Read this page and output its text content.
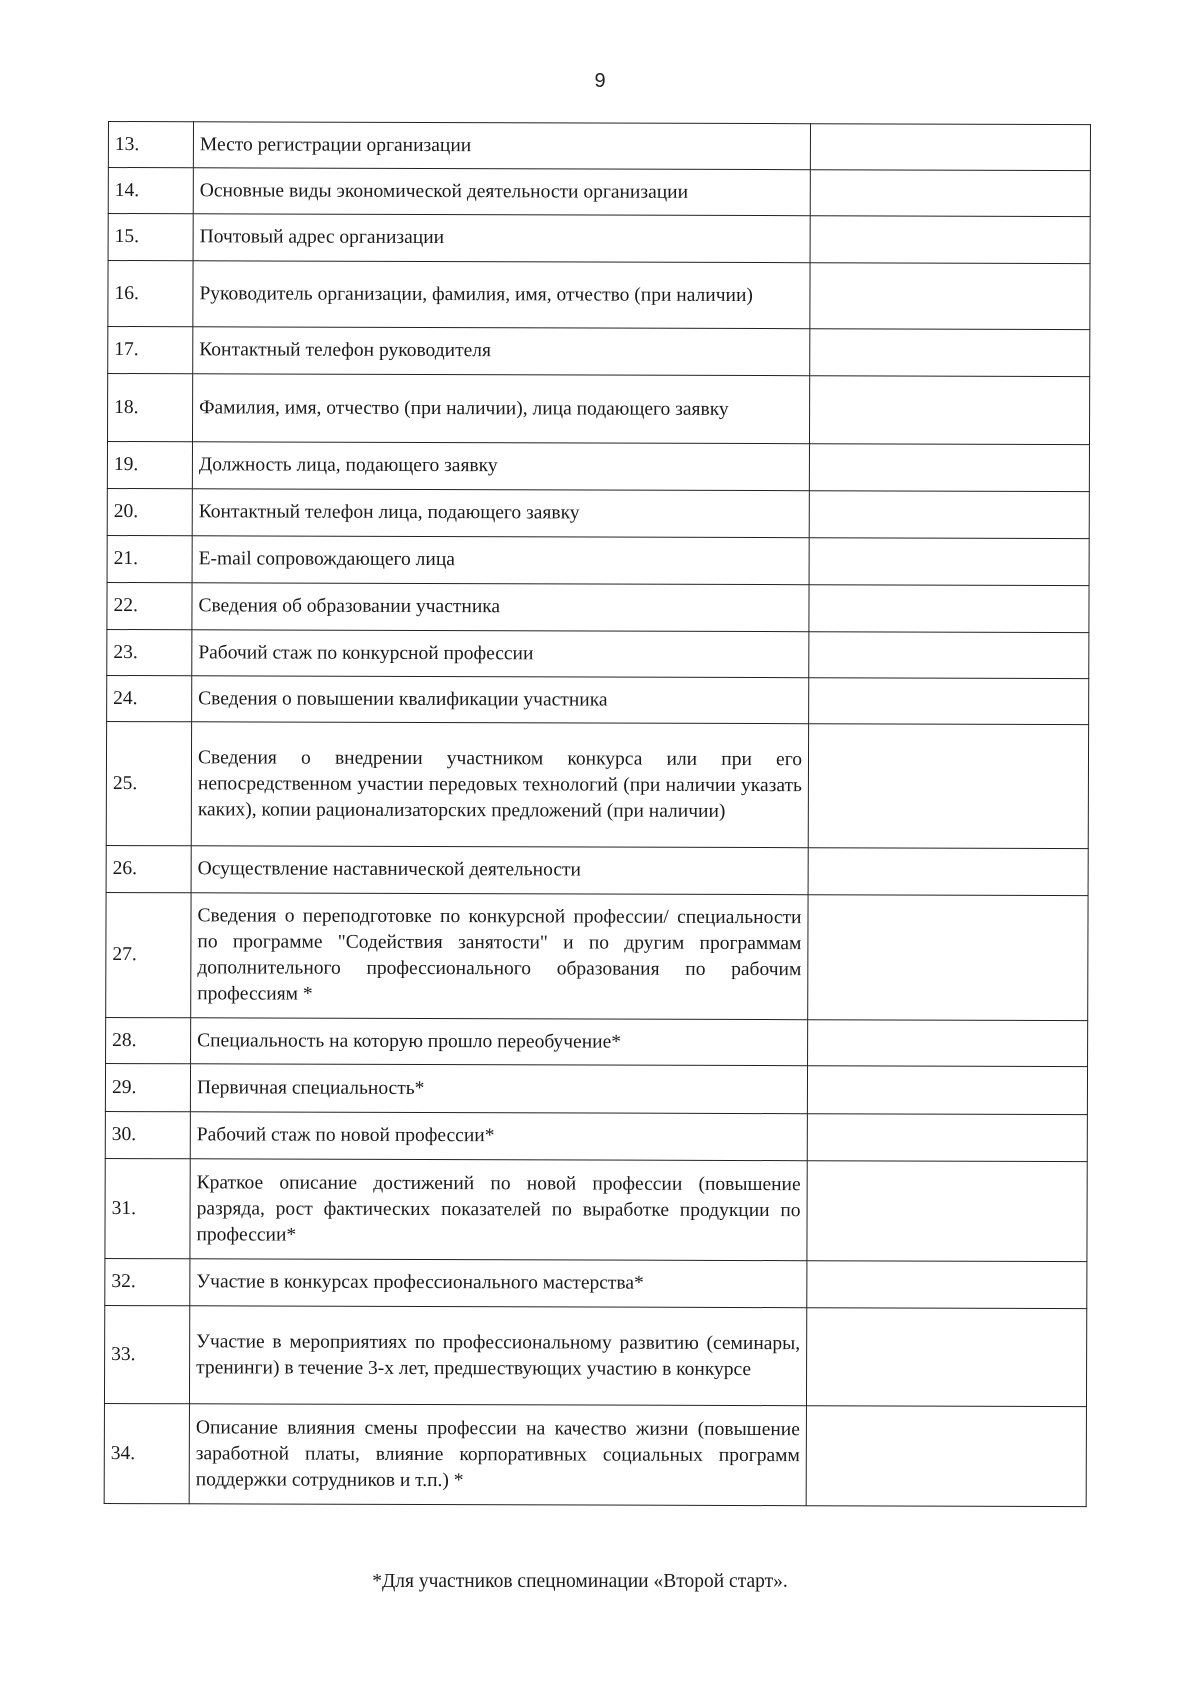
9
13.	Место регистрации организации	
14.	Основные виды экономической деятельности организации	
15.	Почтовый адрес организации	
16.	Руководитель организации, фамилия, имя, отчество (при наличии)	
17.	Контактный телефон руководителя	
18.	Фамилия, имя, отчество (при наличии), лица подающего заявку	
19.	Должность лица, подающего заявку	
20.	Контактный телефон лица, подающего заявку	
21.	E-mail сопровождающего лица	
22.	Сведения об образовании участника	
23.	Рабочий стаж по конкурсной профессии	
24.	Сведения о повышении квалификации участника	
25.	Сведения о внедрении участником конкурса или при его непосредственном участии передовых технологий (при наличии указать каких), копии рационализаторских предложений (при наличии)	
26.	Осуществление наставнической деятельности	
27.	Сведения о переподготовке по конкурсной профессии/ специальности по программе "Содействия занятости" и по другим программам дополнительного профессионального образования по рабочим профессиям *	
28.	Специальность на которую прошло переобучение*	
29.	Первичная специальность*	
30.	Рабочий стаж по новой профессии*	
31.	Краткое описание достижений по новой профессии (повышение разряда, рост фактических показателей по выработке продукции по профессии*	
32.	Участие в конкурсах профессионального мастерства*	
33.	Участие в мероприятиях по профессиональному развитию (семинары, тренинги) в течение 3-х лет, предшествующих участию в конкурсе	
34.	Описание влияния смены профессии на качество жизни (повышение заработной платы, влияние корпоративных социальных программ поддержки сотрудников и т.п.) *	
*Для участников спецноминации «Второй старт».
